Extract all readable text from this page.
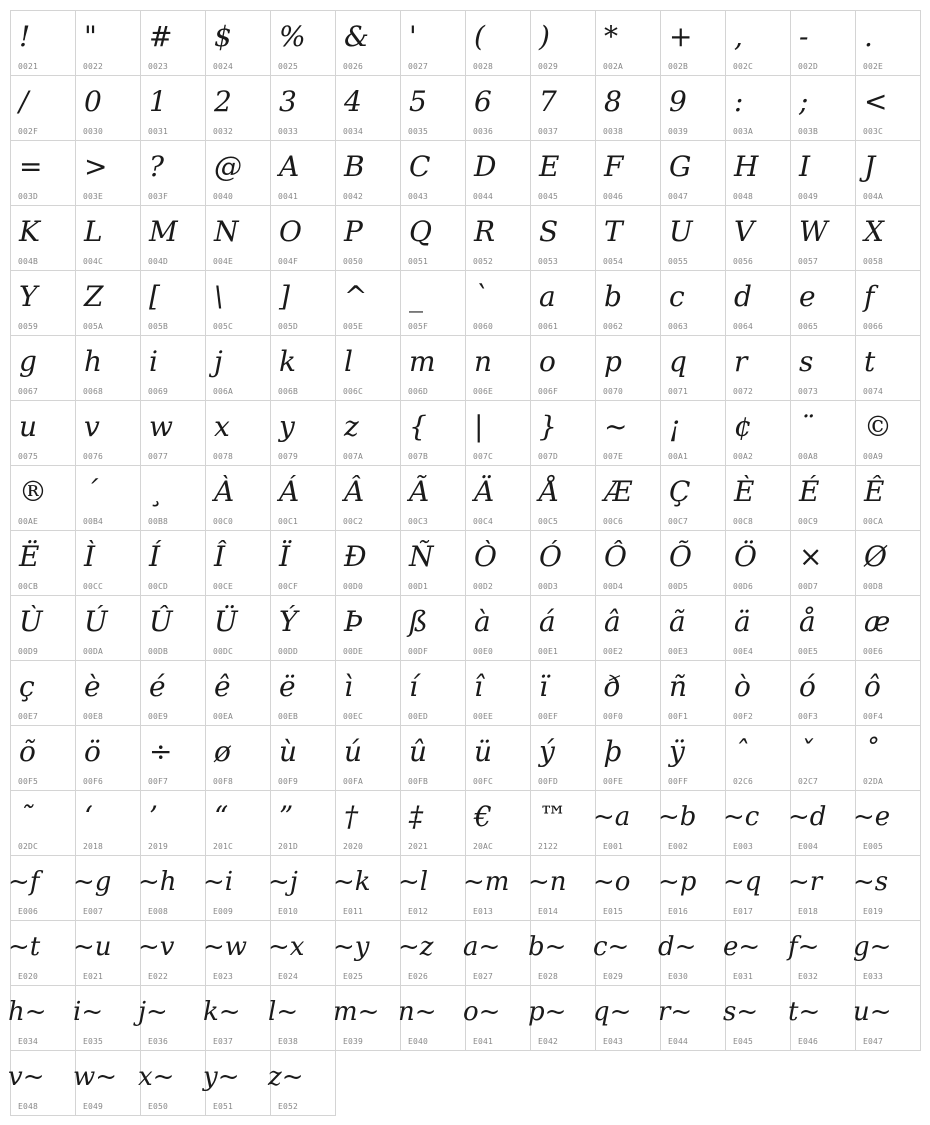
!
0021
"
0022
#
0023
$
0024
%
0025
&
0026
'
0027
(
0028
)
0029
*
002A
+
002B
,
002C
-
002D
.
002E
/
002F
0
0030
1
0031
2
0032
3
0033
4
0034
5
0035
6
0036
7
0037
8
0038
9
0039
:
003A
;
003B
<
003C
=
003D
>
003E
?
003F
@
0040
A
0041
B
0042
C
0043
D
0044
E
0045
F
0046
G
0047
H
0048
I
0049
J
004A
K
004B
L
004C
M
004D
N
004E
O
004F
P
0050
Q
0051
R
0052
S
0053
T
0054
U
0055
V
0056
W
0057
X
0058
Y
0059
Z
005A
[
005B
\
005C
]
005D
^
005E
_
005F
`
0060
a
0061
b
0062
c
0063
d
0064
e
0065
f
0066
g
0067
h
0068
i
0069
j
006A
k
006B
l
006C
m
006D
n
006E
o
006F
p
0070
q
0071
r
0072
s
0073
t
0074
u
0075
v
0076
w
0077
x
0078
y
0079
z
007A
{
007B
|
007C
}
007D
~
007E
¡
00A1
¢
00A2
¨
00A8
©
00A9
®
00AE
´
00B4
¸
00B8
À
00C0
Á
00C1
Â
00C2
Ã
00C3
Ä
00C4
Å
00C5
Æ
00C6
Ç
00C7
È
00C8
É
00C9
Ê
00CA
Ë
00CB
Ì
00CC
Í
00CD
Î
00CE
Ï
00CF
Ð
00D0
Ñ
00D1
Ò
00D2
Ó
00D3
Ô
00D4
Õ
00D5
Ö
00D6
×
00D7
Ø
00D8
Ù
00D9
Ú
00DA
Û
00DB
Ü
00DC
Ý
00DD
Þ
00DE
ß
00DF
à
00E0
á
00E1
â
00E2
ã
00E3
ä
00E4
å
00E5
æ
00E6
ç
00E7
è
00E8
é
00E9
ê
00EA
ë
00EB
ì
00EC
í
00ED
î
00EE
ï
00EF
ð
00F0
ñ
00F1
ò
00F2
ó
00F3
ô
00F4
õ
00F5
ö
00F6
÷
00F7
ø
00F8
ù
00F9
ú
00FA
û
00FB
ü
00FC
ý
00FD
þ
00FE
ÿ
00FF
ˆ
02C6
ˇ
02C7
˚
02DA
˜
02DC
‘
2018
’
2019
“
201C
”
201D
†
2020
‡
2021
€
20AC
™
2122
~a
E001
~b
E002
~c
E003
~d
E004
~e
E005
~f
E006
~g
E007
~h
E008
~i
E009
~j
E010
~k
E011
~l
E012
~m
E013
~n
E014
~o
E015
~p
E016
~q
E017
~r
E018
~s
E019
~t
E020
~u
E021
~v
E022
~w
E023
~x
E024
~y
E025
~z
E026
a~
E027
b~
E028
c~
E029
d~
E030
e~
E031
f~
E032
g~
E033
h~
E034
i~
E035
j~
E036
k~
E037
l~
E038
m~
E039
n~
E040
o~
E041
p~
E042
q~
E043
r~
E044
s~
E045
t~
E046
u~
E047
v~
E048
w~
E049
x~
E050
y~
E051
z~
E052
